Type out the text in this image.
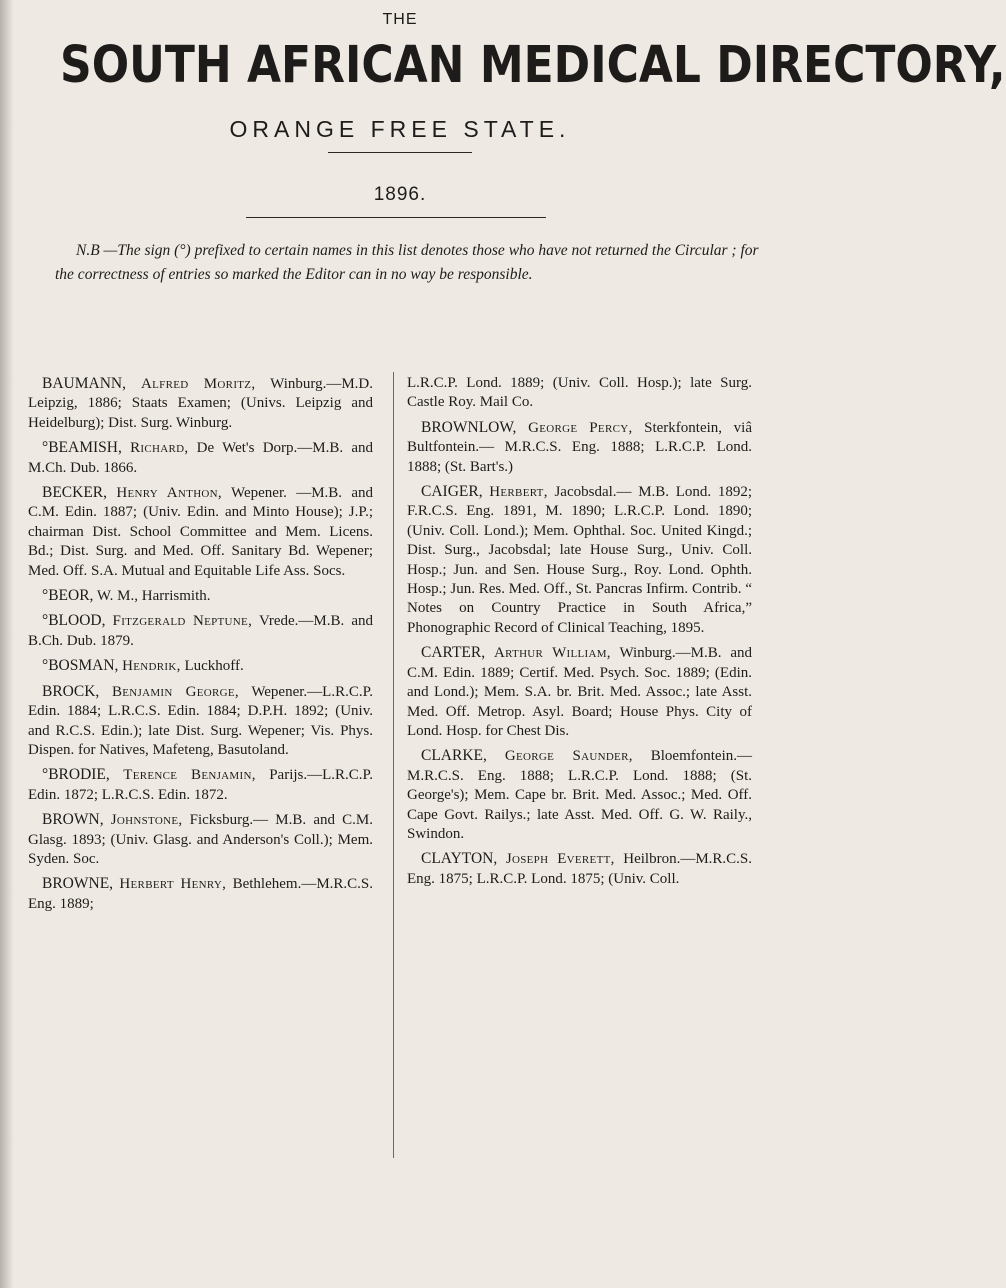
THE
SOUTH AFRICAN MEDICAL DIRECTORY,
ORANGE FREE STATE.
1896.
N.B —The sign (°) prefixed to certain names in this list denotes those who have not returned the Circular ; for the correctness of entries so marked the Editor can in no way be responsible.

BAUMANN, Alfred Moritz, Winburg.—M.D. Leipzig, 1886; Staats Examen; (Univs. Leipzig and Heidelburg); Dist. Surg. Winburg.

°BEAMISH, Richard, De Wet's Dorp.—M.B. and M.Ch. Dub. 1866.

BECKER, Henry Anthon, Wepener. —M.B. and C.M. Edin. 1887; (Univ. Edin. and Minto House); J.P.; chairman Dist. School Committee and Mem. Licens. Bd.; Dist. Surg. and Med. Off. Sanitary Bd. Wepener; Med. Off. S.A. Mutual and Equitable Life Ass. Socs.

°BEOR, W. M., Harrismith.

°BLOOD, Fitzgerald Neptune, Vrede.—M.B. and B.Ch. Dub. 1879.

°BOSMAN, Hendrik, Luckhoff.

BROCK, Benjamin George, Wepener.—L.R.C.P. Edin. 1884; L.R.C.S. Edin. 1884; D.P.H. 1892; (Univ. and R.C.S. Edin.); late Dist. Surg. Wepener; Vis. Phys. Dispen. for Natives, Mafeteng, Basutoland.

°BRODIE, Terence Benjamin, Parijs.—L.R.C.P. Edin. 1872; L.R.C.S. Edin. 1872.

BROWN, Johnstone, Ficksburg.— M.B. and C.M. Glasg. 1893; (Univ. Glasg. and Anderson's Coll.); Mem. Syden. Soc.

BROWNE, Herbert Henry, Bethlehem.—M.R.C.S. Eng. 1889;

L.R.C.P. Lond. 1889; (Univ. Coll. Hosp.); late Surg. Castle Roy. Mail Co.

BROWNLOW, George Percy, Sterkfontein, viâ Bultfontein.— M.R.C.S. Eng. 1888; L.R.C.P. Lond. 1888; (St. Bart's.)

CAIGER, Herbert, Jacobsdal.— M.B. Lond. 1892; F.R.C.S. Eng. 1891, M. 1890; L.R.C.P. Lond. 1890; (Univ. Coll. Lond.); Mem. Ophthal. Soc. United Kingd.; Dist. Surg., Jacobsdal; late House Surg., Univ. Coll. Hosp.; Jun. and Sen. House Surg., Roy. Lond. Ophth. Hosp.; Jun. Res. Med. Off., St. Pancras Infirm. Contrib. “ Notes on Country Practice in South Africa,” Phonographic Record of Clinical Teaching, 1895.

CARTER, Arthur William, Winburg.—M.B. and C.M. Edin. 1889; Certif. Med. Psych. Soc. 1889; (Edin. and Lond.); Mem. S.A. br. Brit. Med. Assoc.; late Asst. Med. Off. Metrop. Asyl. Board; House Phys. City of Lond. Hosp. for Chest Dis.

CLARKE, George Saunder, Bloemfontein.—M.R.C.S. Eng. 1888; L.R.C.P. Lond. 1888; (St. George's); Mem. Cape br. Brit. Med. Assoc.; Med. Off. Cape Govt. Railys.; late Asst. Med. Off. G. W. Raily., Swindon.

CLAYTON, Joseph Everett, Heilbron.—M.R.C.S. Eng. 1875; L.R.C.P. Lond. 1875; (Univ. Coll.
